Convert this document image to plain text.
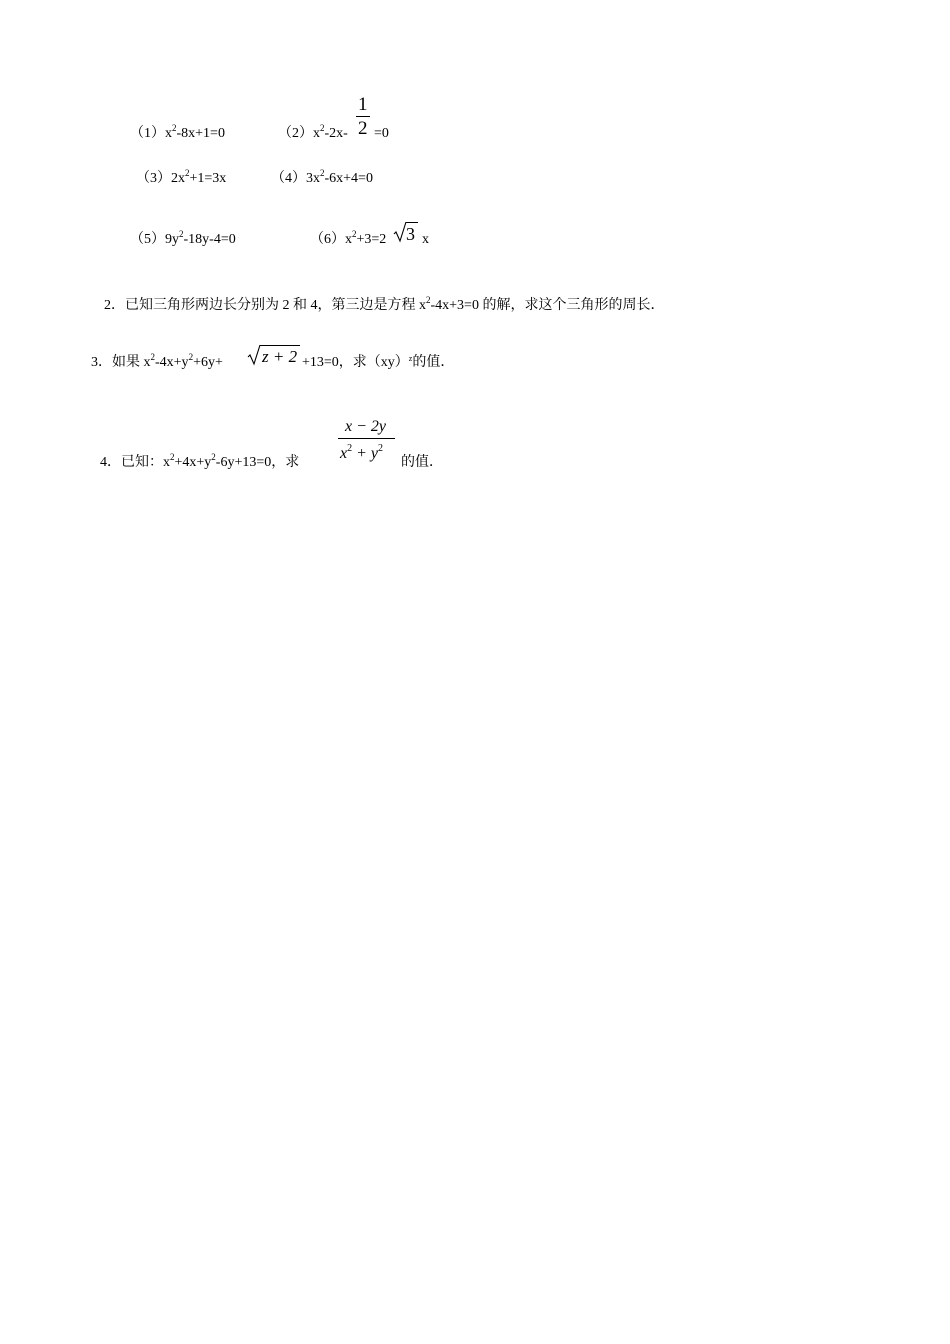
$(1)x^2-8x+1=0$	$(2)x^2-2x-$
1
2 =0
$(3)2x^2+1=3x$	$(4)3x^2-6x+4=0$
$(5)9y^2-18y-4=0$	$(6)x^2+3=2$ 3 x
2．已知三角形两边长分别为 2 和 4，第三边是方程 $x^2-4x+3=0$ 的解，求这个三角形的周长．
3．如果 $x^2-4x+y^2+6y+ z + 2 +13=0$，求（xy）$^z$的值．
4．已知：$x^2+4x+y^2-6y+13=0$，求
x − 2y
$x^2 + y^2$
的值．
